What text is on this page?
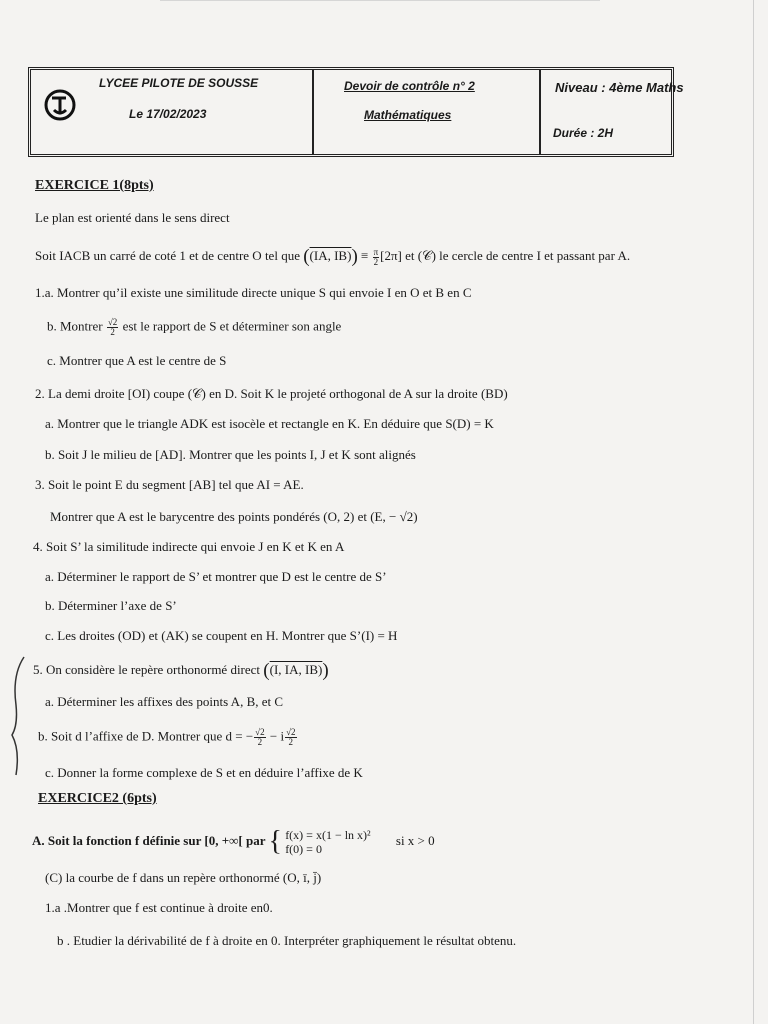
LYCEE PILOTE DE SOUSSE
Le 17/02/2023
Devoir de contrôle n° 2
Mathématiques
Niveau : 4ème Maths
Durée : 2H
EXERCICE 1(8pts)
Le plan est orienté dans le sens direct
Soit IACB un carré de coté 1 et de centre O tel que ((IA, $IB)) \equiv \frac{\pi}{2} [2\pi]$ et (𝒞) le cercle de centre I et passant par A.
1.a. Montrer qu’il existe une similitude directe unique S qui envoie I en O et B en C
b. Montrer $\frac{√2}{2}$ est le rapport de S et déterminer son angle
c. Montrer que A est le centre de S
2. La demi droite [OI) coupe (𝒞) en D. Soit K le projeté orthogonal de A sur la droite (BD)
a. Montrer que le triangle ADK est isocèle et rectangle en K. En déduire que S(D) = K
b. Soit J le milieu de [AD]. Montrer que les points I, J et K sont alignés
3. Soit le point E du segment [AB] tel que AI = AE.
Montrer que A est le barycentre des points pondérés (O, 2) et (E, − √2)
4. Soit S’ la similitude indirecte qui envoie J en K et K en A
a. Déterminer le rapport de S’ et montrer que D est le centre de S’
b. Déterminer l’axe de S’
c. Les droites (OD) et (AK) se coupent en H. Montrer que S’(I) = H
5. On considère le repère orthonormé direct ((I, IA, IB))
a. Déterminer les affixes des points A, B, et C
b. Soit d l’affixe de D. Montrer que d = − $\frac{√2}{2} - i \frac{√2}{2}$
c. Donner la forme complexe de S et en déduire l’affixe de K
EXERCICE2 (6pts)
A. Soit la fonction f définie sur [0, +∞[ par { f(x) = x(1 − ln x)²
f(0) = 0
si x > 0
(C) la courbe de f dans un repère orthonormé (O, ī, j̄)
1.a .Montrer que f est continue à droite en0.
b . Etudier la dérivabilité de f à droite en 0. Interpréter graphiquement le résultat obtenu.
